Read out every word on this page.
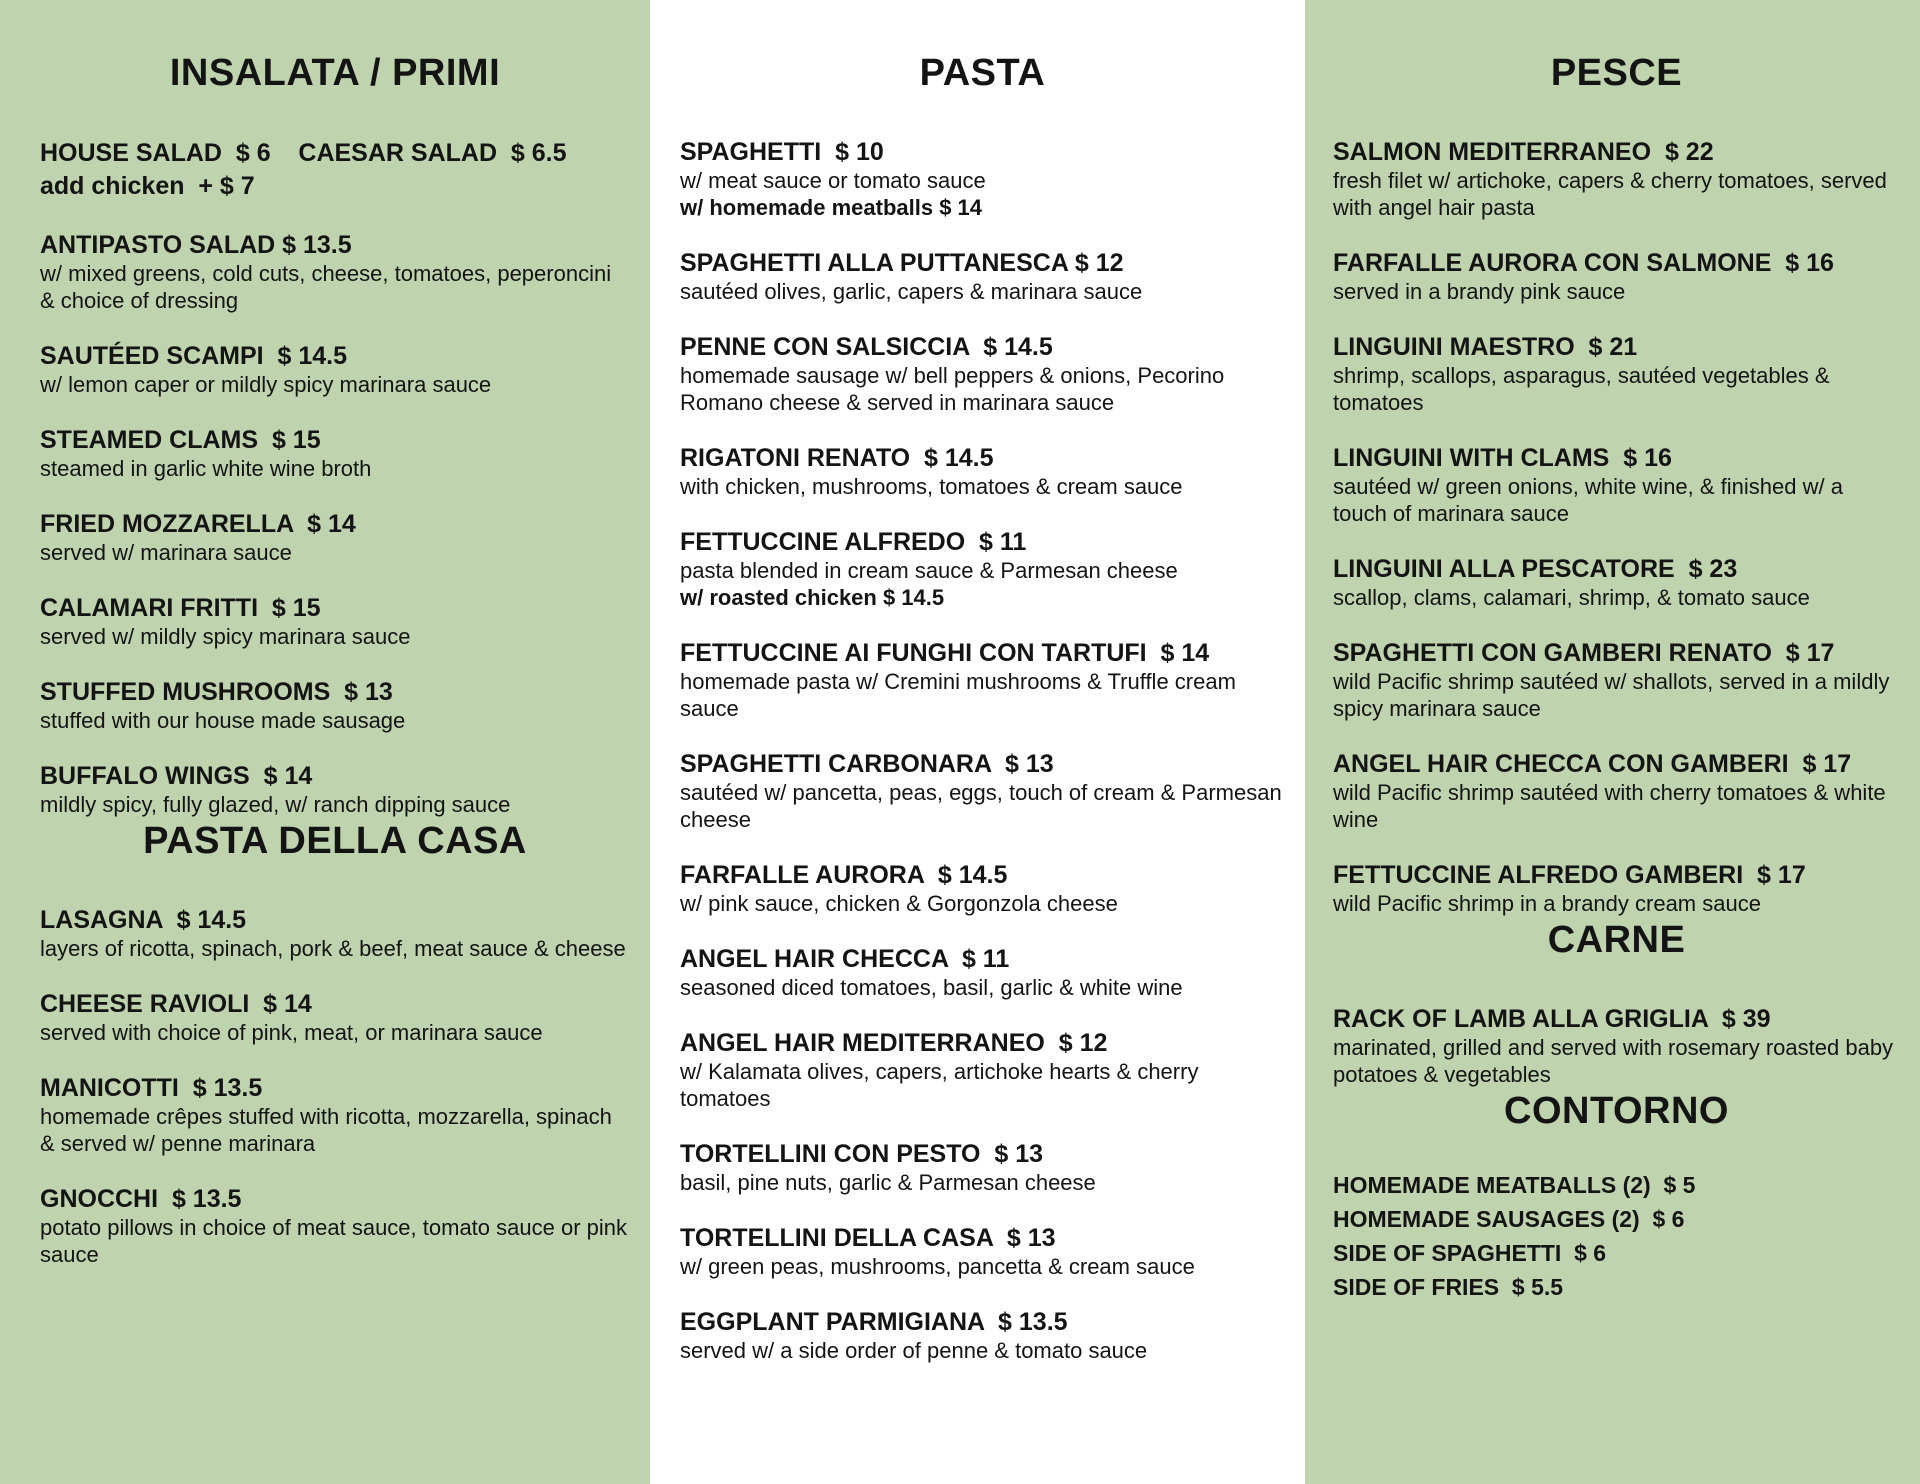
INSALATA / PRIMI
HOUSE SALAD  $ 6    CAESAR SALAD  $ 6.5
add chicken  + $ 7
ANTIPASTO SALAD $ 13.5
w/ mixed greens, cold cuts, cheese, tomatoes, peperoncini & choice of dressing
SAUTÉED SCAMPI  $ 14.5
w/ lemon caper or mildly spicy marinara sauce
STEAMED CLAMS  $ 15
steamed in garlic white wine broth
FRIED MOZZARELLA  $ 14
served w/ marinara sauce
CALAMARI FRITTI  $ 15
served w/ mildly spicy marinara sauce
STUFFED MUSHROOMS  $ 13
stuffed with our house made sausage
BUFFALO WINGS  $ 14
mildly spicy, fully glazed, w/ ranch dipping sauce
PASTA DELLA CASA
LASAGNA  $ 14.5
layers of ricotta, spinach, pork & beef, meat sauce & cheese
CHEESE RAVIOLI  $ 14
served with choice of pink, meat, or marinara sauce
MANICOTTI  $ 13.5
homemade crêpes stuffed with ricotta, mozzarella, spinach & served w/ penne marinara
GNOCCHI  $ 13.5
potato pillows in choice of meat sauce, tomato sauce or pink sauce
PASTA
SPAGHETTI  $ 10
w/ meat sauce or tomato sauce
w/ homemade meatballs $ 14
SPAGHETTI ALLA PUTTANESCA $ 12
sautéed olives, garlic, capers & marinara sauce
PENNE CON SALSICCIA  $ 14.5
homemade sausage w/ bell peppers & onions, Pecorino Romano cheese & served in marinara sauce
RIGATONI RENATO  $ 14.5
with chicken, mushrooms, tomatoes & cream sauce
FETTUCCINE ALFREDO  $ 11
pasta blended in cream sauce & Parmesan cheese
w/ roasted chicken $ 14.5
FETTUCCINE AI FUNGHI CON TARTUFI  $ 14
homemade pasta w/ Cremini mushrooms & Truffle cream sauce
SPAGHETTI CARBONARA  $ 13
sautéed w/ pancetta, peas, eggs, touch of cream & Parmesan cheese
FARFALLE AURORA  $ 14.5
w/ pink sauce, chicken & Gorgonzola cheese
ANGEL HAIR CHECCA  $ 11
seasoned diced tomatoes, basil, garlic & white wine
ANGEL HAIR MEDITERRANEO  $ 12
w/ Kalamata olives, capers, artichoke hearts & cherry tomatoes
TORTELLINI CON PESTO  $ 13
basil, pine nuts, garlic & Parmesan cheese
TORTELLINI DELLA CASA  $ 13
w/ green peas, mushrooms, pancetta & cream sauce
EGGPLANT PARMIGIANA  $ 13.5
served w/ a side order of penne & tomato sauce
PESCE
SALMON MEDITERRANEO  $ 22
fresh filet w/ artichoke, capers & cherry tomatoes, served with angel hair pasta
FARFALLE AURORA CON SALMONE  $ 16
served in a brandy pink sauce
LINGUINI MAESTRO  $ 21
shrimp, scallops, asparagus, sautéed vegetables & tomatoes
LINGUINI WITH CLAMS  $ 16
sautéed w/ green onions, white wine, & finished w/ a touch of marinara sauce
LINGUINI ALLA PESCATORE  $ 23
scallop, clams, calamari, shrimp, & tomato sauce
SPAGHETTI CON GAMBERI RENATO  $ 17
wild Pacific shrimp sautéed w/ shallots, served in a mildly spicy marinara sauce
ANGEL HAIR CHECCA CON GAMBERI  $ 17
wild Pacific shrimp sautéed with cherry tomatoes & white wine
FETTUCCINE ALFREDO GAMBERI  $ 17
wild Pacific shrimp in a brandy cream sauce
CARNE
RACK OF LAMB ALLA GRIGLIA  $ 39
marinated, grilled and served with rosemary roasted baby potatoes & vegetables
CONTORNO
HOMEMADE MEATBALLS (2)  $ 5
HOMEMADE SAUSAGES (2)  $ 6
SIDE OF SPAGHETTI  $ 6
SIDE OF FRIES  $ 5.5
